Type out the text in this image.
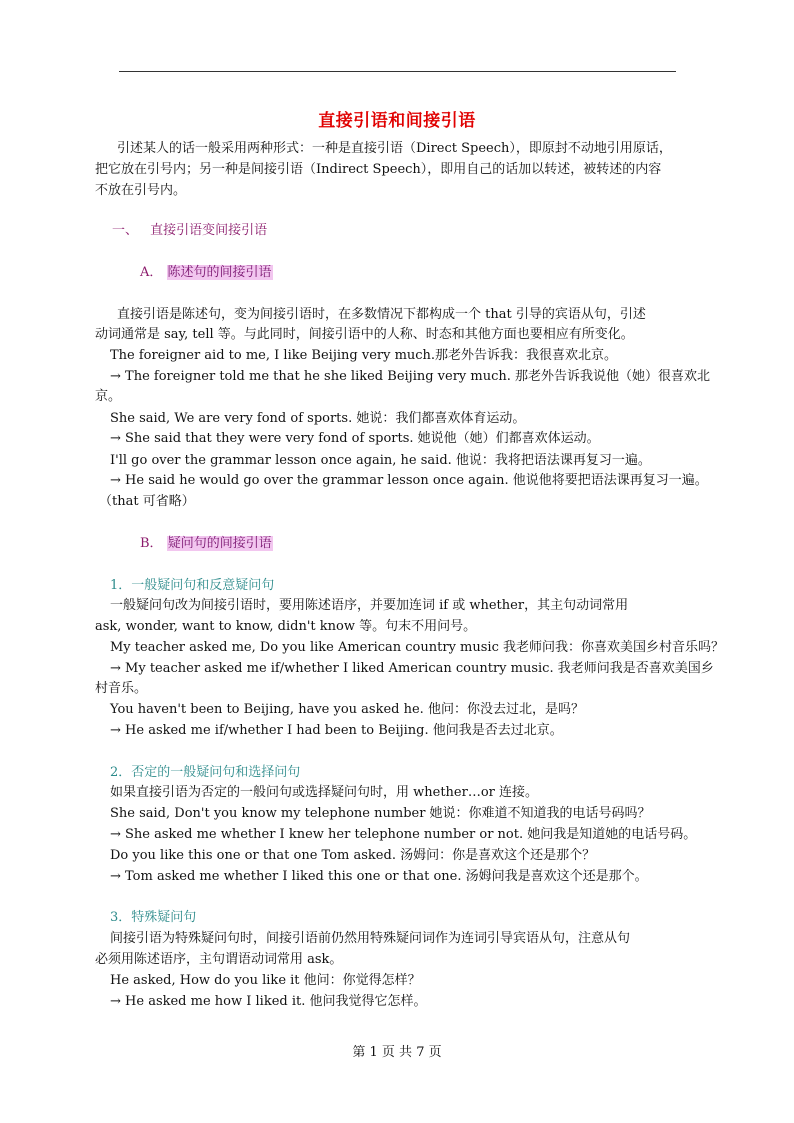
直接引语和间接引语
引述某人的话一般采用两种形式：一种是直接引语（Direct Speech），即原封不动地引用原话，
把它放在引号内；另一种是间接引语（Indirect Speech），即用自己的话加以转述，被转述的内容
不放在引号内。
一、 直接引语变间接引语
A． 陈述句的间接引语
直接引语是陈述句，变为间接引语时，在多数情况下都构成一个 that 引导的宾语从句，引述
动词通常是 say, tell 等。与此同时，间接引语中的人称、时态和其他方面也要相应有所变化。
The foreigner aid to me, I like Beijing very much.那老外告诉我：我很喜欢北京。
→ The foreigner told me that he she liked Beijing very much. 那老外告诉我说他（她）很喜欢北
京。
She said, We are very fond of sports. 她说：我们都喜欢体育运动。
→ She said that they were very fond of sports. 她说他（她）们都喜欢体运动。
I'll go over the grammar lesson once again, he said. 他说：我将把语法课再复习一遍。
→ He said he would go over the grammar lesson once again. 他说他将要把语法课再复习一遍。
（that 可省略）
B． 疑问句的间接引语
1．一般疑问句和反意疑问句
一般疑问句改为间接引语时，要用陈述语序，并要加连词 if 或 whether，其主句动词常用
ask, wonder, want to know, didn't know 等。句末不用问号。
My teacher asked me, Do you like American country music 我老师问我：你喜欢美国乡村音乐吗？
→ My teacher asked me if/whether I liked American country music. 我老师问我是否喜欢美国乡
村音乐。
You haven't been to Beijing, have you asked he. 他问：你没去过北，是吗？
→ He asked me if/whether I had been to Beijing. 他问我是否去过北京。
2．否定的一般疑问句和选择问句
如果直接引语为否定的一般问句或选择疑问句时，用 whether…or 连接。
She said, Don't you know my telephone number 她说：你难道不知道我的电话号码吗？
→ She asked me whether I knew her telephone number or not. 她问我是知道她的电话号码。
Do you like this one or that one Tom asked. 汤姆问：你是喜欢这个还是那个？
→ Tom asked me whether I liked this one or that one. 汤姆问我是喜欢这个还是那个。
3．特殊疑问句
间接引语为特殊疑问句时，间接引语前仍然用特殊疑问词作为连词引导宾语从句，注意从句
必须用陈述语序，主句谓语动词常用 ask。
He asked, How do you like it 他问：你觉得怎样？
→ He asked me how I liked it. 他问我觉得它怎样。
第 1 页 共 7 页
